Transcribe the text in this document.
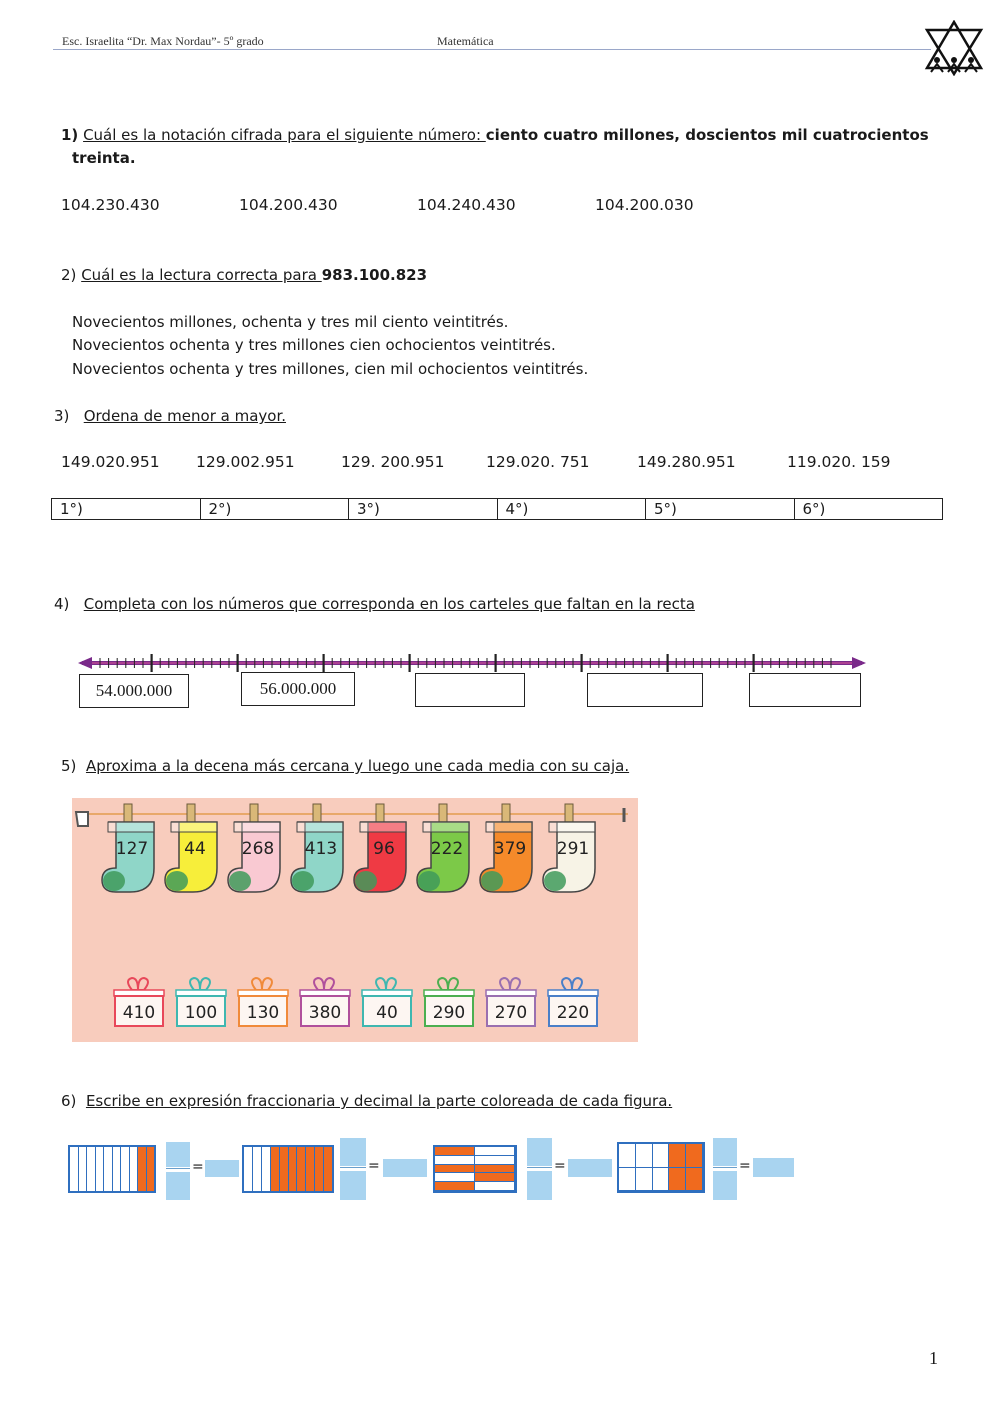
Esc. Israelita “Dr. Max Nordau”- 5º grado	Matemática
1) Cuál es la notación cifrada para el siguiente número: ciento cuatro millones, doscientos mil cuatrocientos
treinta.
104.230.430	104.200.430	104.240.430	104.200.030
2) Cuál es la lectura correcta para 983.100.823
Novecientos millones, ochenta y tres mil ciento veintitrés.
Novecientos ochenta y tres millones cien ochocientos veintitrés.
Novecientos ochenta y tres millones, cien mil ochocientos veintitrés.
3) Ordena de menor a mayor.
149.020.951 129.002.951	129. 200.951	129.020. 751	149.280.951	119.020. 159
1°)	2°)	3°)	4°)	5°)	6°)
4) Completa con los números que corresponda en los carteles que faltan en la recta
54.000.000	56.000.000
5) Aproxima a la decena más cercana y luego une cada media con su caja.
127 44 268 413 96 222 379 291
410 100 130 380 40 290 270 220
6) Escribe en expresión fraccionaria y decimal la parte coloreada de cada figura.
=	=	=	=
1
